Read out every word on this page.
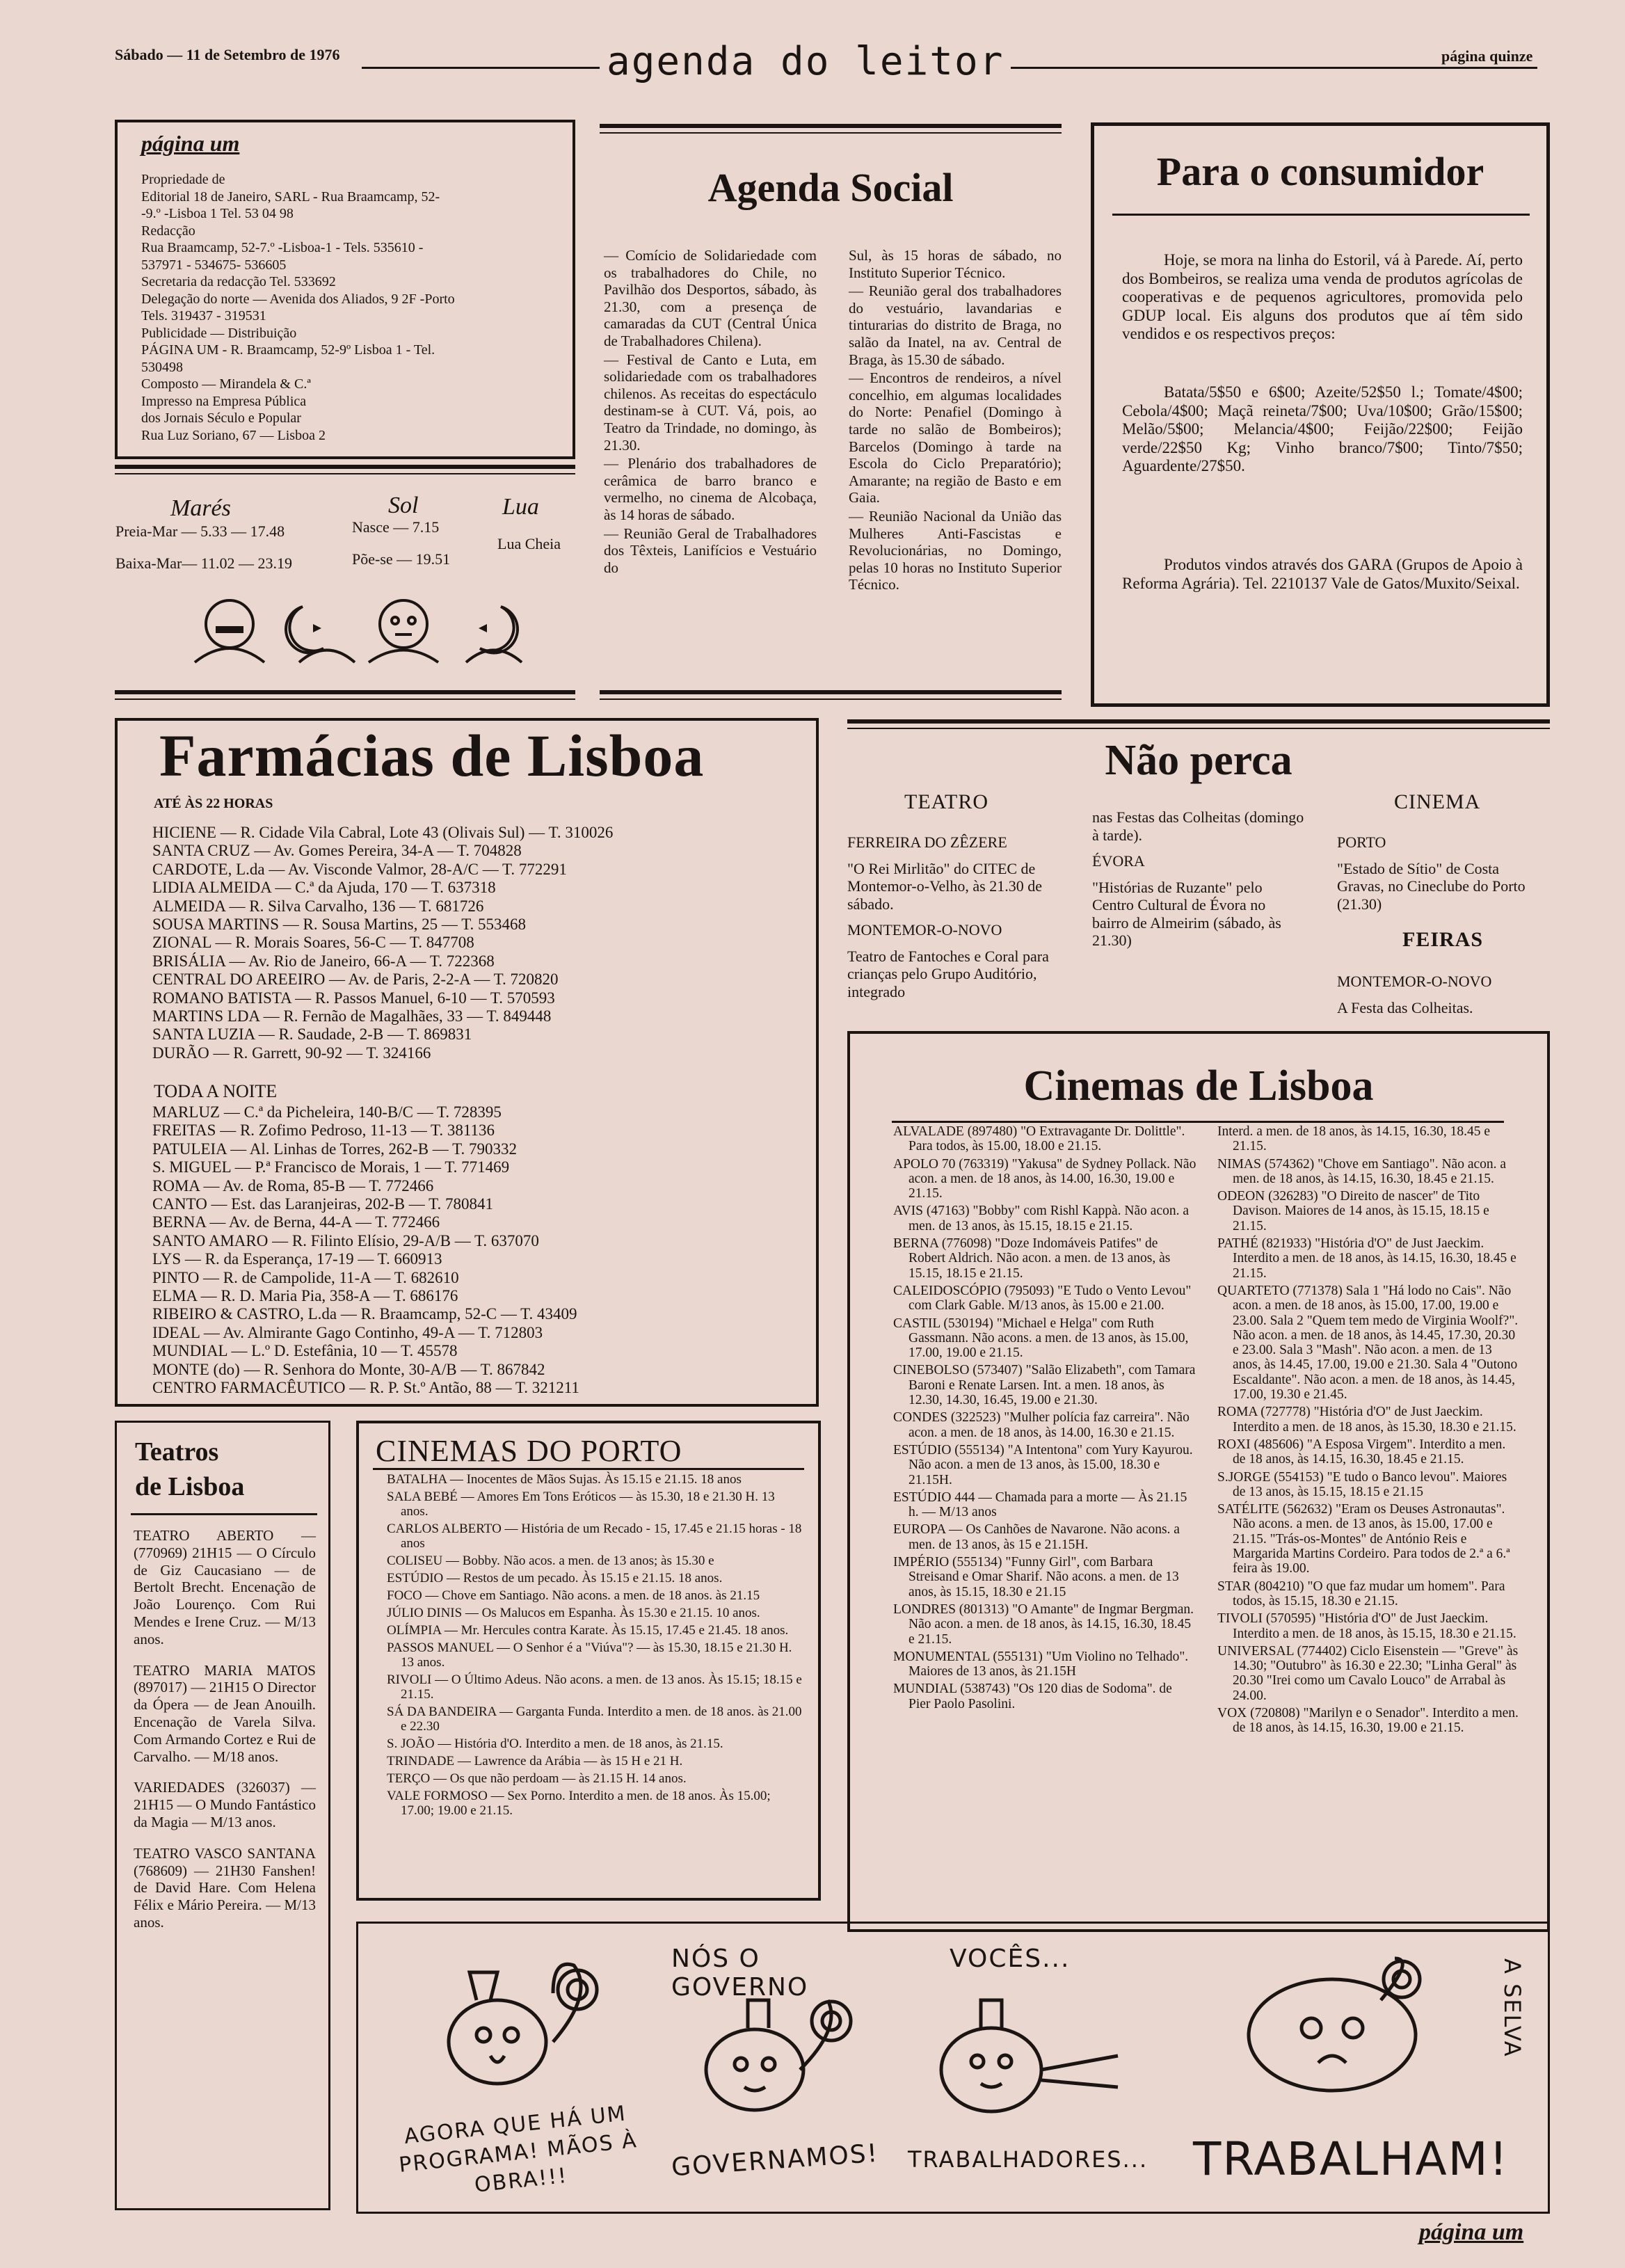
Sábado — 11 de Setembro de 1976	agenda do leitor	página quinze
página um
Propriedade de
Editorial 18 de Janeiro, SARL - Rua Braamcamp, 52-
-9.º -Lisboa 1 Tel. 53 04 98
Redacção
Rua Braamcamp, 52-7.º -Lisboa-1 - Tels. 535610 -
537971 - 534675- 536605
Secretaria da redacção Tel. 533692
Delegação do norte — Avenida dos Aliados, 9 2F -Porto
Tels. 319437 - 319531
Publicidade — Distribuição
PÁGINA UM - R. Braamcamp, 52-9º Lisboa 1 - Tel.
530498
Composto — Mirandela & C.ª
Impresso na Empresa Pública
dos Jornais Século e Popular
Rua Luz Soriano, 67 — Lisboa 2
Marés
Preia-Mar — 5.33 — 17.48
Baixa-Mar— 11.02 — 23.19
Sol
Nasce — 7.15
Põe-se — 19.51
Lua
Lua Cheia
Agenda Social
— Comício de Solidariedade com os trabalhadores do Chile, no Pavilhão dos Desportos, sábado, às 21.30, com a presença de camaradas da CUT (Central Única de Trabalhadores Chilena).
— Festival de Canto e Luta, em solidariedade com os trabalhadores chilenos. As receitas do espectáculo destinam-se à CUT. Vá, pois, ao Teatro da Trindade, no domingo, às 21.30.
— Plenário dos trabalhadores de cerâmica de barro branco e vermelho, no cinema de Alcobaça, às 14 horas de sábado.
— Reunião Geral de Trabalhadores dos Têxteis, Lanifícios e Vestuário do
Sul, às 15 horas de sábado, no Instituto Superior Técnico.
— Reunião geral dos trabalhadores do vestuário, lavandarias e tinturarias do distrito de Braga, no salão da Inatel, na av. Central de Braga, às 15.30 de sábado.
— Encontros de rendeiros, a nível concelhio, em algumas localidades do Norte: Penafiel (Domingo à tarde no salão de Bombeiros); Barcelos (Domingo à tarde na Escola do Ciclo Preparatório); Amarante; na região de Basto e em Gaia.
— Reunião Nacional da União das Mulheres Anti-Fascistas e Revolucionárias, no Domingo, pelas 10 horas no Instituto Superior Técnico.
Para o consumidor
Hoje, se mora na linha do Estoril, vá à Parede. Aí, perto dos Bombeiros, se realiza uma venda de produtos agrícolas de cooperativas e de pequenos agricultores, promovida pelo GDUP local. Eis alguns dos produtos que aí têm sido vendidos e os respectivos preços:
Batata/5$50 e 6$00; Azeite/52$50 l.; Tomate/4$00; Cebola/4$00; Maçã reineta/7$00; Uva/10$00; Grão/15$00; Melão/5$00; Melancia/4$00; Feijão/22$00; Feijão verde/22$50 Kg; Vinho branco/7$00; Tinto/7$50; Aguardente/27$50.
Produtos vindos através dos GARA (Grupos de Apoio à Reforma Agrária). Tel. 2210137 Vale de Gatos/Muxito/Seixal.
Farmácias de Lisboa
ATÉ ÀS 22 HORAS
HICIENE — R. Cidade Vila Cabral, Lote 43 (Olivais Sul) — T. 310026
SANTA CRUZ — Av. Gomes Pereira, 34-A — T. 704828
CARDOTE, L.da — Av. Visconde Valmor, 28-A/C — T. 772291
LIDIA ALMEIDA — C.ª da Ajuda, 170 — T. 637318
ALMEIDA — R. Silva Carvalho, 136 — T. 681726
SOUSA MARTINS — R. Sousa Martins, 25 — T. 553468
ZIONAL — R. Morais Soares, 56-C — T. 847708
BRISÁLIA — Av. Rio de Janeiro, 66-A — T. 722368
CENTRAL DO AREEIRO — Av. de Paris, 2-2-A — T. 720820
ROMANO BATISTA — R. Passos Manuel, 6-10 — T. 570593
MARTINS LDA — R. Fernão de Magalhães, 33 — T. 849448
SANTA LUZIA — R. Saudade, 2-B — T. 869831
DURÃO — R. Garrett, 90-92 — T. 324166
TODA A NOITE
MARLUZ — C.ª da Picheleira, 140-B/C — T. 728395
FREITAS — R. Zofimo Pedroso, 11-13 — T. 381136
PATULEIA — Al. Linhas de Torres, 262-B — T. 790332
S. MIGUEL — P.ª Francisco de Morais, 1 — T. 771469
ROMA — Av. de Roma, 85-B — T. 772466
CANTO — Est. das Laranjeiras, 202-B — T. 780841
BERNA — Av. de Berna, 44-A — T. 772466
SANTO AMARO — R. Filinto Elísio, 29-A/B — T. 637070
LYS — R. da Esperança, 17-19 — T. 660913
PINTO — R. de Campolide, 11-A — T. 682610
ELMA — R. D. Maria Pia, 358-A — T. 686176
RIBEIRO & CASTRO, L.da — R. Braamcamp, 52-C — T. 43409
IDEAL — Av. Almirante Gago Continho, 49-A — T. 712803
MUNDIAL — L.º D. Estefânia, 10 — T. 45578
MONTE (do) — R. Senhora do Monte, 30-A/B — T. 867842
CENTRO FARMACÊUTICO — R. P. St.º Antão, 88 — T. 321211
Não perca
TEATRO
FERREIRA DO ZÊZERE
"O Rei Mirlitão" do CITEC de Montemor-o-Velho, às 21.30 de sábado.
MONTEMOR-O-NOVO
Teatro de Fantoches e Coral para crianças pelo Grupo Auditório, integrado
nas Festas das Colheitas (domingo à tarde).
ÉVORA
"Histórias de Ruzante" pelo Centro Cultural de Évora no bairro de Almeirim (sábado, às 21.30)
CINEMA
PORTO
"Estado de Sítio" de Costa Gravas, no Cineclube do Porto (21.30)
FEIRAS
MONTEMOR-O-NOVO
A Festa das Colheitas.
Cinemas de Lisboa
ALVALADE (897480) "O Extravagante Dr. Dolittle". Para todos, às 15.00, 18.00 e 21.15.
APOLO 70 (763319) "Yakusa" de Sydney Pollack. Não acon. a men. de 18 anos, às 14.00, 16.30, 19.00 e 21.15.
AVIS (47163) "Bobby" com Rishl Kappà. Não acon. a men. de 13 anos, às 15.15, 18.15 e 21.15.
BERNA (776098) "Doze Indomáveis Patifes" de Robert Aldrich. Não acon. a men. de 13 anos, às 15.15, 18.15 e 21.15.
CALEIDOSCÓPIO (795093) "E Tudo o Vento Levou" com Clark Gable. M/13 anos, às 15.00 e 21.00.
CASTIL (530194) "Michael e Helga" com Ruth Gassmann. Não acons. a men. de 13 anos, às 15.00, 17.00, 19.00 e 21.15.
CINEBOLSO (573407) "Salão Elizabeth", com Tamara Baroni e Renate Larsen. Int. a men. 18 anos, às 12.30, 14.30, 16.45, 19.00 e 21.30.
CONDES (322523) "Mulher polícia faz carreira". Não acon. a men. de 18 anos, às 14.00, 16.30 e 21.15.
ESTÚDIO (555134) "A Intentona" com Yury Kayurou. Não acon. a men de 13 anos, às 15.00, 18.30 e 21.15H.
ESTÚDIO 444 — Chamada para a morte — Às 21.15 h. — M/13 anos
EUROPA — Os Canhões de Navarone. Não acons. a men. de 13 anos, às 15 e 21.15H.
IMPÉRIO (555134) "Funny Girl", com Barbara Streisand e Omar Sharif. Não acons. a men. de 13 anos, às 15.15, 18.30 e 21.15
LONDRES (801313) "O Amante" de Ingmar Bergman. Não acon. a men. de 18 anos, às 14.15, 16.30, 18.45 e 21.15.
MONUMENTAL (555131) "Um Violino no Telhado". Maiores de 13 anos, às 21.15H
MUNDIAL (538743) "Os 120 dias de Sodoma". de Pier Paolo Pasolini.
Interd. a men. de 18 anos, às 14.15, 16.30, 18.45 e 21.15.
NIMAS (574362) "Chove em Santiago". Não acon. a men. de 18 anos, às 14.15, 16.30, 18.45 e 21.15.
ODEON (326283) "O Direito de nascer" de Tito Davison. Maiores de 14 anos, às 15.15, 18.15 e 21.15.
PATHÉ (821933) "História d'O" de Just Jaeckim. Interdito a men. de 18 anos, às 14.15, 16.30, 18.45 e 21.15.
QUARTETO (771378) Sala 1 "Há lodo no Cais". Não acon. a men. de 18 anos, às 15.00, 17.00, 19.00 e 23.00. Sala 2 "Quem tem medo de Virginia Woolf?". Não acon. a men. de 18 anos, às 14.45, 17.30, 20.30 e 23.00. Sala 3 "Mash". Não acon. a men. de 13 anos, às 14.45, 17.00, 19.00 e 21.30. Sala 4 "Outono Escaldante". Não acon. a men. de 18 anos, às 14.45, 17.00, 19.30 e 21.45.
ROMA (727778) "História d'O" de Just Jaeckim. Interdito a men. de 18 anos, às 15.30, 18.30 e 21.15.
ROXI (485606) "A Esposa Virgem". Interdito a men. de 18 anos, às 14.15, 16.30, 18.45 e 21.15.
S.JORGE (554153) "E tudo o Banco levou". Maiores de 13 anos, às 15.15, 18.15 e 21.15
SATÉLITE (562632) "Eram os Deuses Astronautas". Não acons. a men. de 13 anos, às 15.00, 17.00 e 21.15. "Trás-os-Montes" de António Reis e Margarida Martins Cordeiro. Para todos de 2.ª a 6.ª feira às 19.00.
STAR (804210) "O que faz mudar um homem". Para todos, às 15.15, 18.30 e 21.15.
TIVOLI (570595) "História d'O" de Just Jaeckim. Interdito a men. de 18 anos, às 15.15, 18.30 e 21.15.
UNIVERSAL (774402) Ciclo Eisenstein — "Greve" às 14.30; "Outubro" às 16.30 e 22.30; "Linha Geral" às 20.30 "Irei como um Cavalo Louco" de Arrabal às 24.00.
VOX (720808) "Marilyn e o Senador". Interdito a men. de 18 anos, às 14.15, 16.30, 19.00 e 21.15.
Teatros
de Lisboa
TEATRO ABERTO — (770969) 21H15 — O Círculo de Giz Caucasiano — de Bertolt Brecht. Encenação de João Lourenço. Com Rui Mendes e Irene Cruz. — M/13 anos.
TEATRO MARIA MATOS (897017) — 21H15 O Director da Ópera — de Jean Anouilh. Encenação de Varela Silva. Com Armando Cortez e Rui de Carvalho. — M/18 anos.
VARIEDADES (326037) — 21H15 — O Mundo Fantástico da Magia — M/13 anos.
TEATRO VASCO SANTANA (768609) — 21H30 Fanshen! de David Hare. Com Helena Félix e Mário Pereira. — M/13 anos.
CINEMAS DO PORTO
BATALHA — Inocentes de Mãos Sujas. Às 15.15 e 21.15. 18 anos
SALA BEBÉ — Amores Em Tons Eróticos — às 15.30, 18 e 21.30 H. 13 anos.
CARLOS ALBERTO — História de um Recado - 15, 17.45 e 21.15 horas - 18 anos
COLISEU — Bobby. Não acos. a men. de 13 anos; às 15.30 e
ESTÚDIO — Restos de um pecado. Às 15.15 e 21.15. 18 anos.
FOCO — Chove em Santiago. Não acons. a men. de 18 anos. às 21.15
JÚLIO DINIS — Os Malucos em Espanha. Às 15.30 e 21.15. 10 anos.
OLÍMPIA — Mr. Hercules contra Karate. Às 15.15, 17.45 e 21.45. 18 anos.
PASSOS MANUEL — O Senhor é a "Viúva"? — às 15.30, 18.15 e 21.30 H. 13 anos.
RIVOLI — O Último Adeus. Não acons. a men. de 13 anos. Às 15.15; 18.15 e 21.15.
SÁ DA BANDEIRA — Garganta Funda. Interdito a men. de 18 anos. às 21.00 e 22.30
S. JOÃO — História d'O. Interdito a men. de 18 anos, às 21.15.
TRINDADE — Lawrence da Arábia — às 15 H e 21 H.
TERÇO — Os que não perdoam — às 21.15 H. 14 anos.
VALE FORMOSO — Sex Porno. Interdito a men. de 18 anos. Às 15.00; 17.00; 19.00 e 21.15.
AGORA QUE HÁ UM PROGRAMA! MÃOS À OBRA!!!
NÓS O GOVERNO
GOVERNAMOS!
VOCÊS...
TRABALHADORES...
A SELVA
TRABALHAM!
página um
